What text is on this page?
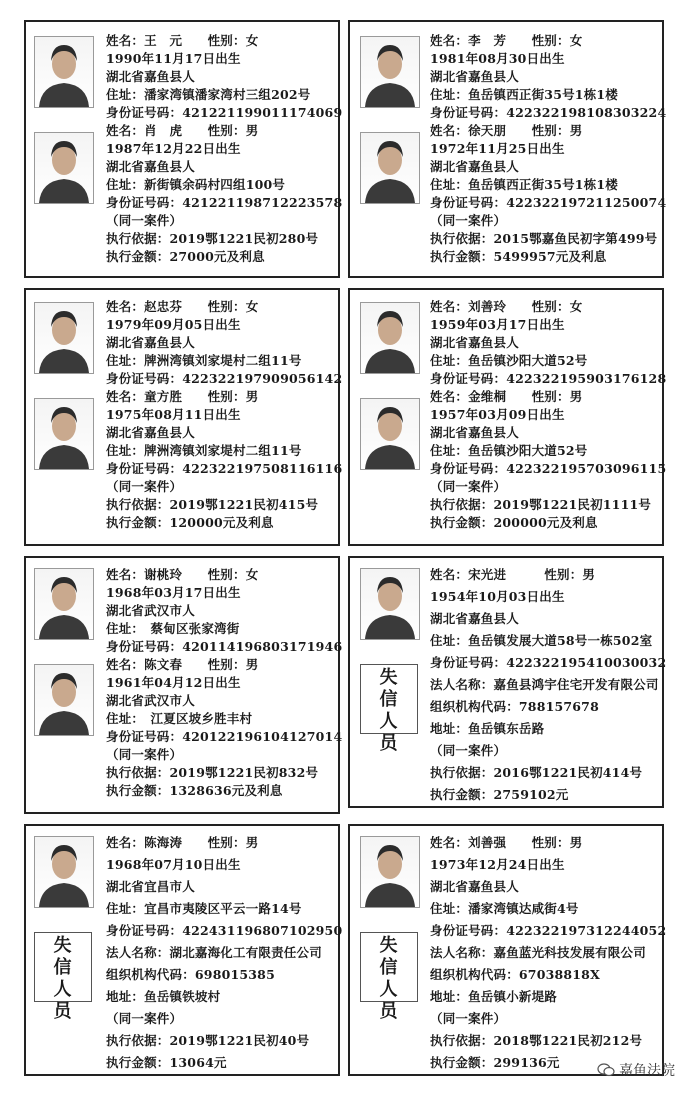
姓名：王　元　　性别：女
1990年11月17日出生
湖北省嘉鱼县人
住址：潘家湾镇潘家湾村三组202号
身份证号码：421221199011174069
姓名：肖　虎　　性别：男
1987年12月22日出生
湖北省嘉鱼县人
住址：新街镇余码村四组100号
身份证号码：421221198712223578
（同一案件）
执行依据：2019鄂1221民初280号
执行金额：27000元及利息
姓名：李　芳　　性别：女
1981年08月30日出生
湖北省嘉鱼县人
住址：鱼岳镇西正街35号1栋1楼
身份证号码：422322198108303224
姓名：徐天朋　　性别：男
1972年11月25日出生
湖北省嘉鱼县人
住址：鱼岳镇西正街35号1栋1楼
身份证号码：422322197211250074
（同一案件）
执行依据：2015鄂嘉鱼民初字第499号
执行金额：5499957元及利息
姓名：赵忠芬　　性别：女
1979年09月05日出生
湖北省嘉鱼县人
住址：牌洲湾镇刘家堤村二组11号
身份证号码：422322197909056142
姓名：童方胜　　性别：男
1975年08月11日出生
湖北省嘉鱼县人
住址：牌洲湾镇刘家堤村二组11号
身份证号码：422322197508116116
（同一案件）
执行依据：2019鄂1221民初415号
执行金额：120000元及利息
姓名：刘善玲　　性别：女
1959年03月17日出生
湖北省嘉鱼县人
住址：鱼岳镇沙阳大道52号
身份证号码：422322195903176128
姓名：金维桐　　性别：男
1957年03月09日出生
湖北省嘉鱼县人
住址：鱼岳镇沙阳大道52号
身份证号码：422322195703096115
（同一案件）
执行依据：2019鄂1221民初1111号
执行金额：200000元及利息
姓名：谢桃玲　　性别：女
1968年03月17日出生
湖北省武汉市人
住址：　蔡甸区张家湾街
身份证号码：420114196803171946
姓名：陈文春　　性别：男
1961年04月12日出生
湖北省武汉市人
住址：　江夏区坡乡胜丰村
身份证号码：420122196104127014
（同一案件）
执行依据：2019鄂1221民初832号
执行金额：1328636元及利息
失
信
人
员
姓名：宋光进　　　性别：男
1954年10月03日出生
湖北省嘉鱼县人
住址：鱼岳镇发展大道58号一栋502室
身份证号码：422322195410030032
法人名称：嘉鱼县鸿宇住宅开发有限公司
组织机构代码：788157678
地址：鱼岳镇东岳路
（同一案件）
执行依据：2016鄂1221民初414号
执行金额：2759102元
失
信
人
员
姓名：陈海涛　　性别：男
1968年07月10日出生
湖北省宜昌市人
住址：宜昌市夷陵区平云一路14号
身份证号码：422431196807102950
法人名称：湖北嘉海化工有限责任公司
组织机构代码：698015385
地址：鱼岳镇铁坡村
（同一案件）
执行依据：2019鄂1221民初40号
执行金额：13064元
失
信
人
员
姓名：刘善强　　性别：男
1973年12月24日出生
湖北省嘉鱼县人
住址：潘家湾镇达咸街4号
身份证号码：422322197312244052
法人名称：嘉鱼蓝光科技发展有限公司
组织机构代码：67038818X
地址：鱼岳镇小新堤路
（同一案件）
执行依据：2018鄂1221民初212号
执行金额：299136元
嘉鱼法院
